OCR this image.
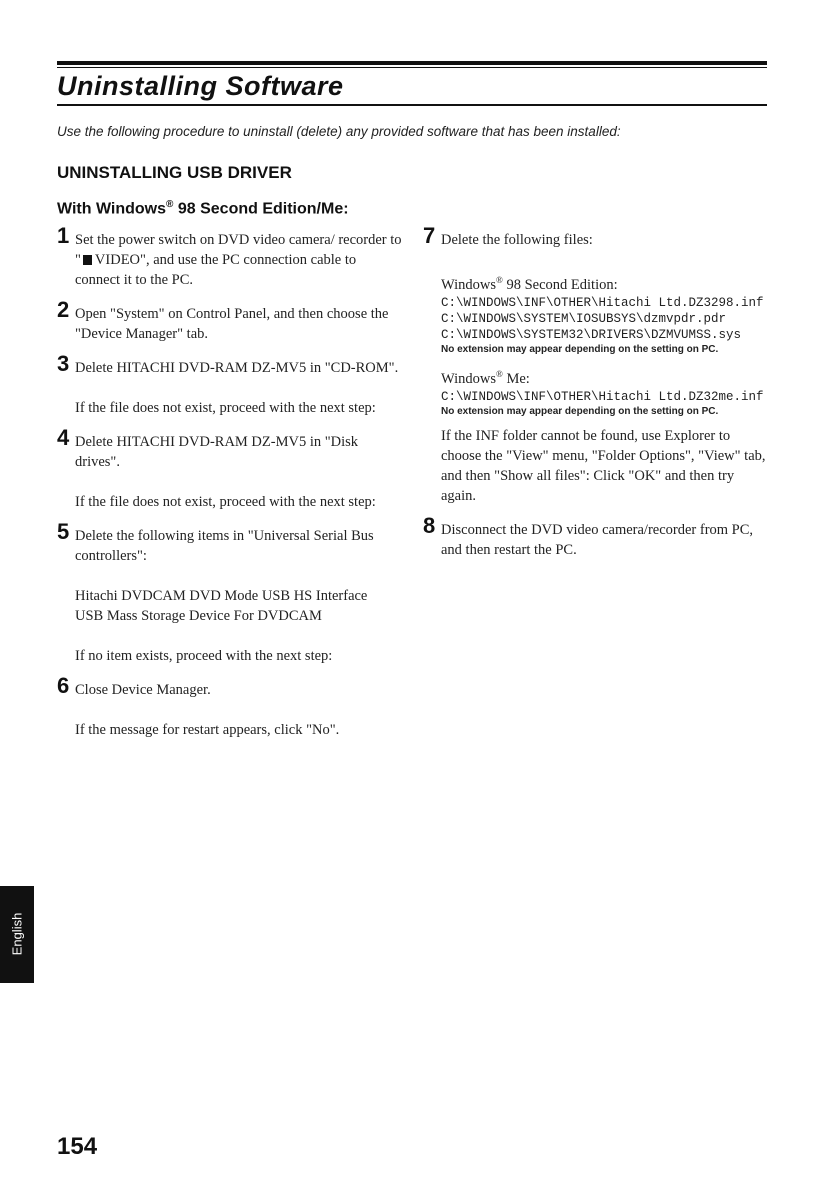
Uninstalling Software
Use the following procedure to uninstall (delete) any provided software that has been installed:
UNINSTALLING USB DRIVER
With Windows® 98 Second Edition/Me:
1 Set the power switch on DVD video camera/ recorder to " VIDEO", and use the PC connection cable to connect it to the PC.

2 Open "System" on Control Panel, and then choose the "Device Manager" tab.

3 Delete HITACHI DVD-RAM DZ-MV5 in "CD-ROM".

If the file does not exist, proceed with the next step:

4 Delete HITACHI DVD-RAM DZ-MV5 in "Disk drives".

If the file does not exist, proceed with the next step:

5 Delete the following items in "Universal Serial Bus controllers":

Hitachi DVDCAM DVD Mode USB HS Interface

USB Mass Storage Device For DVDCAM

If no item exists, proceed with the next step:

6 Close Device Manager.

If the message for restart appears, click "No".

7 Delete the following files:

Windows® 98 Second Edition:

C:\WINDOWS\INF\OTHER\Hitachi Ltd.DZ3298.inf

C:\WINDOWS\SYSTEM\IOSUBSYS\dzmvpdr.pdr

C:\WINDOWS\SYSTEM32\DRIVERS\DZMVUMSS.sys

No extension may appear depending on the setting on PC.

Windows® Me:

C:\WINDOWS\INF\OTHER\Hitachi Ltd.DZ32me.inf

No extension may appear depending on the setting on PC.

If the INF folder cannot be found, use Explorer to choose the "View" menu, "Folder Options", "View" tab, and then "Show all files": Click "OK" and then try again.

8 Disconnect the DVD video camera/recorder from PC, and then restart the PC.

English
154
